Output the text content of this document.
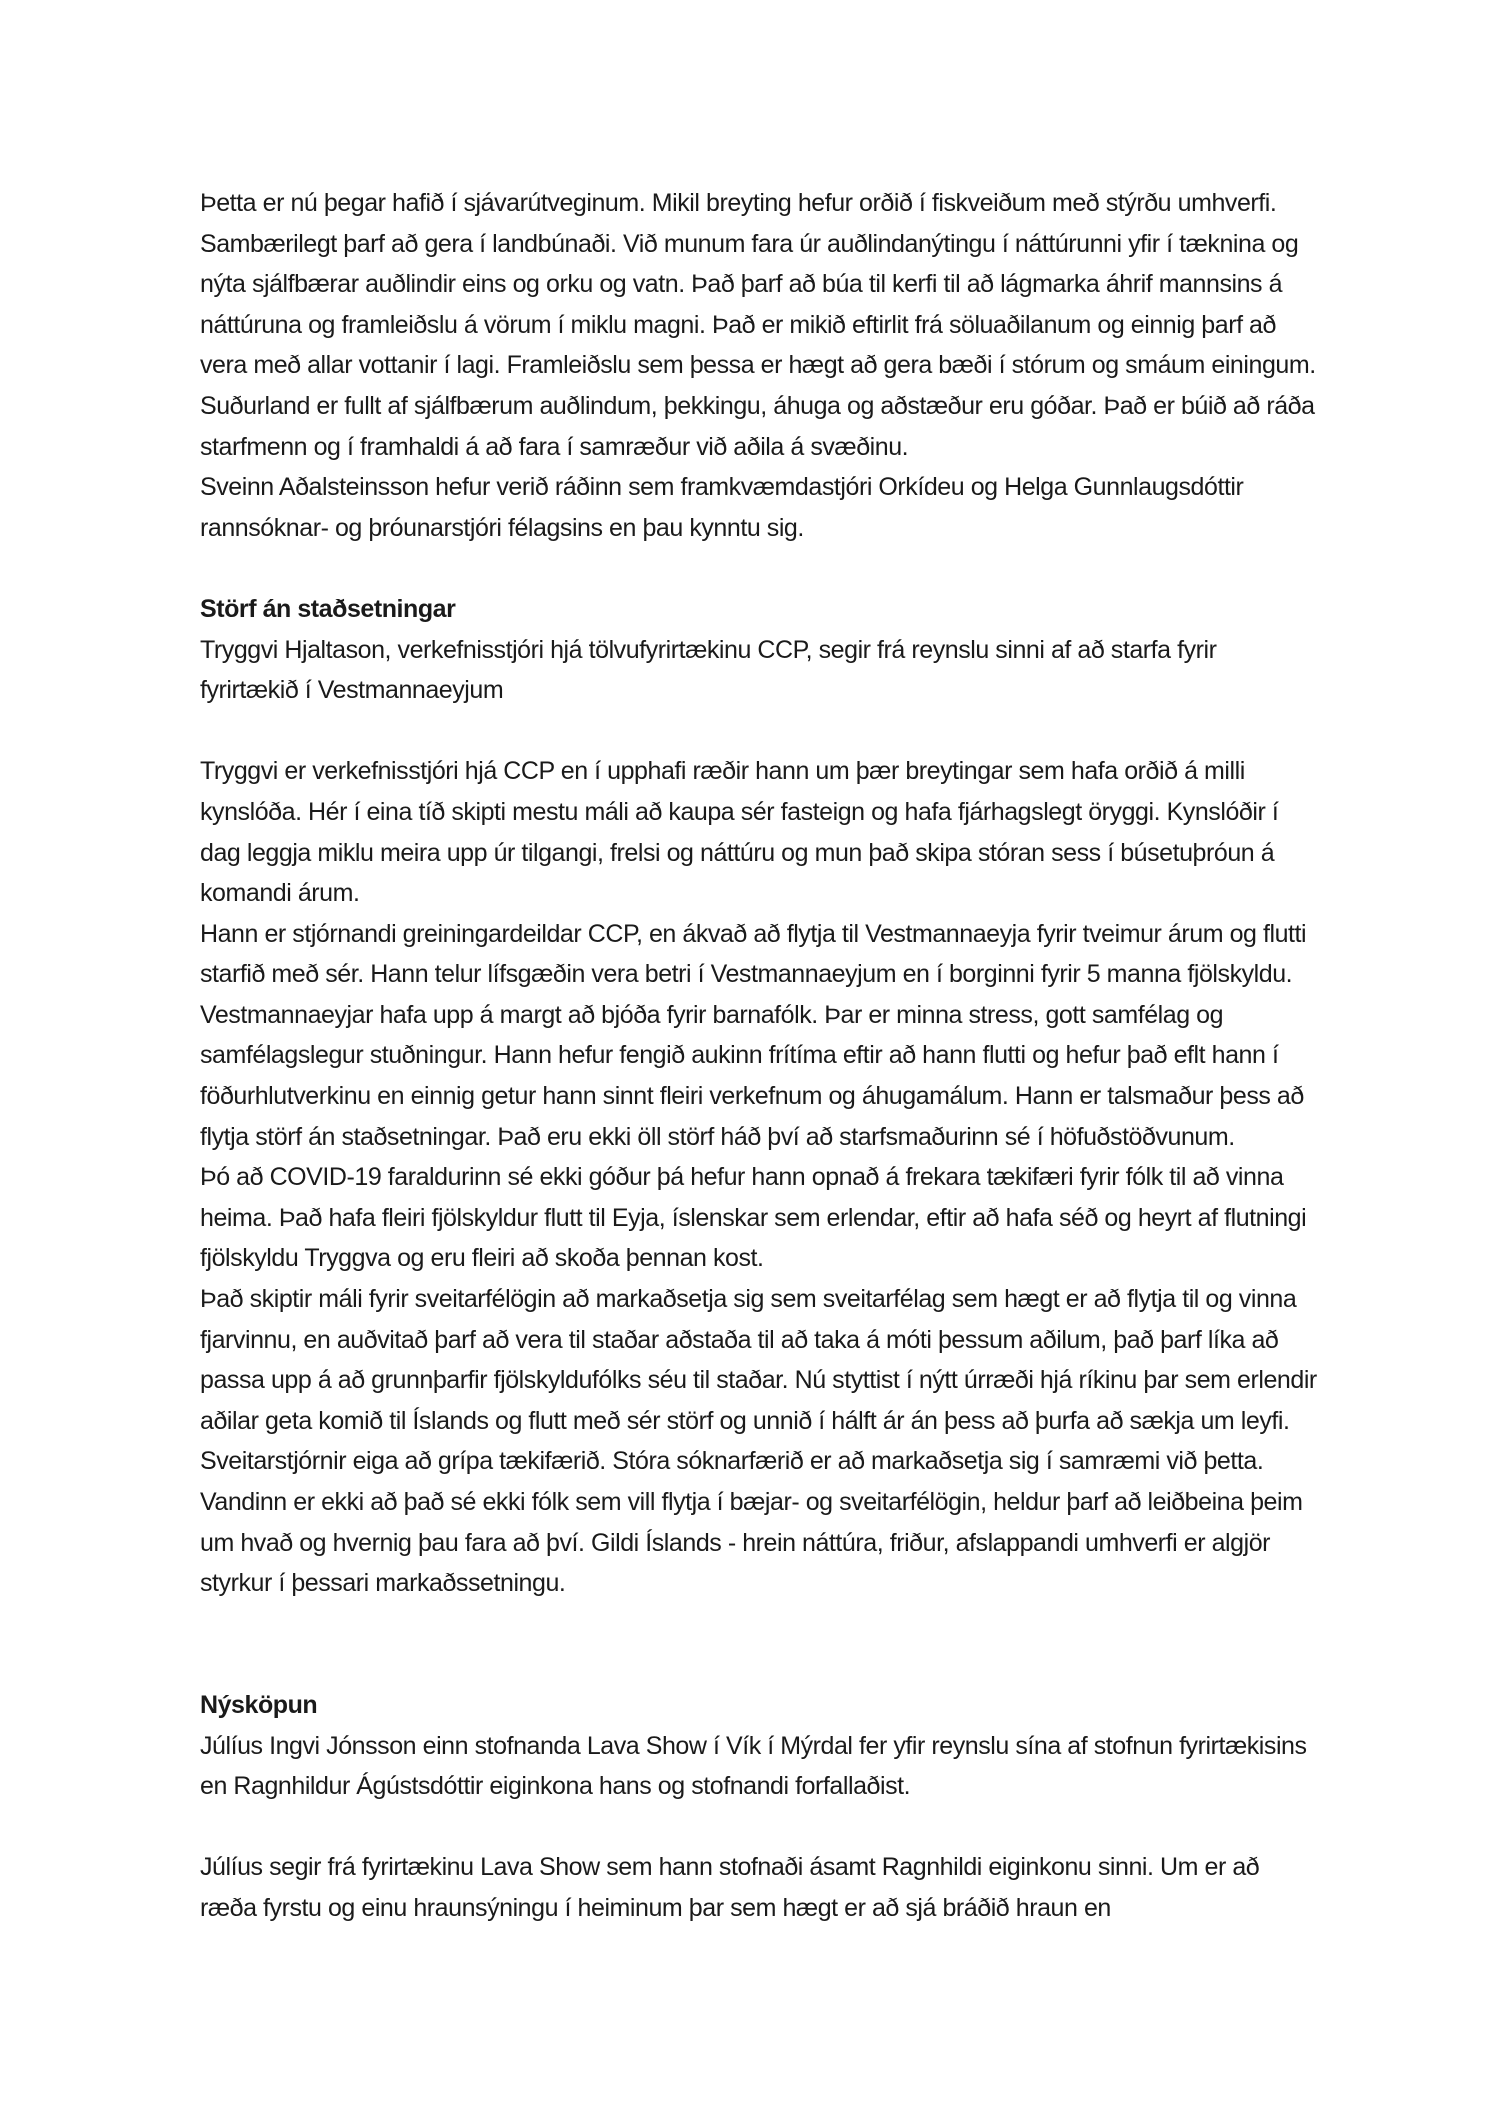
Þetta er nú þegar hafið í sjávarútveginum. Mikil breyting hefur orðið í fiskveiðum með stýrðu umhverfi. Sambærilegt þarf að gera í landbúnaði. Við munum fara úr auðlindanýtingu í náttúrunni yfir í tæknina og nýta sjálfbærar auðlindir eins og orku og vatn. Það þarf að búa til kerfi til að lágmarka áhrif mannsins á náttúruna og framleiðslu á vörum í miklu magni. Það er mikið eftirlit frá söluaðilanum og einnig þarf að vera með allar vottanir í lagi. Framleiðslu sem þessa er hægt að gera bæði í stórum og smáum einingum.

Suðurland er fullt af sjálfbærum auðlindum, þekkingu, áhuga og aðstæður eru góðar. Það er búið að ráða starfmenn og í framhaldi á að fara í samræður við aðila á svæðinu.

Sveinn Aðalsteinsson hefur verið ráðinn sem framkvæmdastjóri Orkídeu og Helga Gunnlaugsdóttir rannsóknar- og þróunarstjóri félagsins en þau kynntu sig.

Störf án staðsetningar

Tryggvi Hjaltason, verkefnisstjóri hjá tölvufyrirtækinu CCP, segir frá reynslu sinni af að starfa fyrir fyrirtækið í Vestmannaeyjum

Tryggvi er verkefnisstjóri hjá CCP en í upphafi ræðir hann um þær breytingar sem hafa orðið á milli kynslóða. Hér í eina tíð skipti mestu máli að kaupa sér fasteign og hafa fjárhagslegt öryggi. Kynslóðir í dag leggja miklu meira upp úr tilgangi, frelsi og náttúru og mun það skipa stóran sess í búsetuþróun á komandi árum.

Hann er stjórnandi greiningardeildar CCP, en ákvað að flytja til Vestmannaeyja fyrir tveimur árum og flutti starfið með sér. Hann telur lífsgæðin vera betri í Vestmannaeyjum en í borginni fyrir 5 manna fjölskyldu. Vestmannaeyjar hafa upp á margt að bjóða fyrir barnafólk. Þar er minna stress, gott samfélag og samfélagslegur stuðningur. Hann hefur fengið aukinn frítíma eftir að hann flutti og hefur það eflt hann í föðurhlutverkinu en einnig getur hann sinnt fleiri verkefnum og áhugamálum. Hann er talsmaður þess að flytja störf án staðsetningar. Það eru ekki öll störf háð því að starfsmaðurinn sé í höfuðstöðvunum.

Þó að COVID-19 faraldurinn sé ekki góður þá hefur hann opnað á frekara tækifæri fyrir fólk til að vinna heima. Það hafa fleiri fjölskyldur flutt til Eyja, íslenskar sem erlendar, eftir að hafa séð og heyrt af flutningi fjölskyldu Tryggva og eru fleiri að skoða þennan kost.

Það skiptir máli fyrir sveitarfélögin að markaðsetja sig sem sveitarfélag sem hægt er að flytja til og vinna fjarvinnu, en auðvitað þarf að vera til staðar aðstaða til að taka á móti þessum aðilum, það þarf líka að passa upp á að grunnþarfir fjölskyldufólks séu til staðar. Nú styttist í nýtt úrræði hjá ríkinu þar sem erlendir aðilar geta komið til Íslands og flutt með sér störf og unnið í hálft ár án þess að þurfa að sækja um leyfi. Sveitarstjórnir eiga að grípa tækifærið. Stóra sóknarfærið er að markaðsetja sig í samræmi við þetta. Vandinn er ekki að það sé ekki fólk sem vill flytja í bæjar- og sveitarfélögin, heldur þarf að leiðbeina þeim um hvað og hvernig þau fara að því. Gildi Íslands - hrein náttúra, friður, afslappandi umhverfi er algjör styrkur í þessari markaðssetningu.

Nýsköpun

Júlíus Ingvi Jónsson einn stofnanda Lava Show í Vík í Mýrdal fer yfir reynslu sína af stofnun fyrirtækisins en Ragnhildur Ágústsdóttir eiginkona hans og stofnandi forfallaðist.

Júlíus segir frá fyrirtækinu Lava Show sem hann stofnaði ásamt Ragnhildi eiginkonu sinni. Um er að ræða fyrstu og einu hraunsýningu í heiminum þar sem hægt er að sjá bráðið hraun en
